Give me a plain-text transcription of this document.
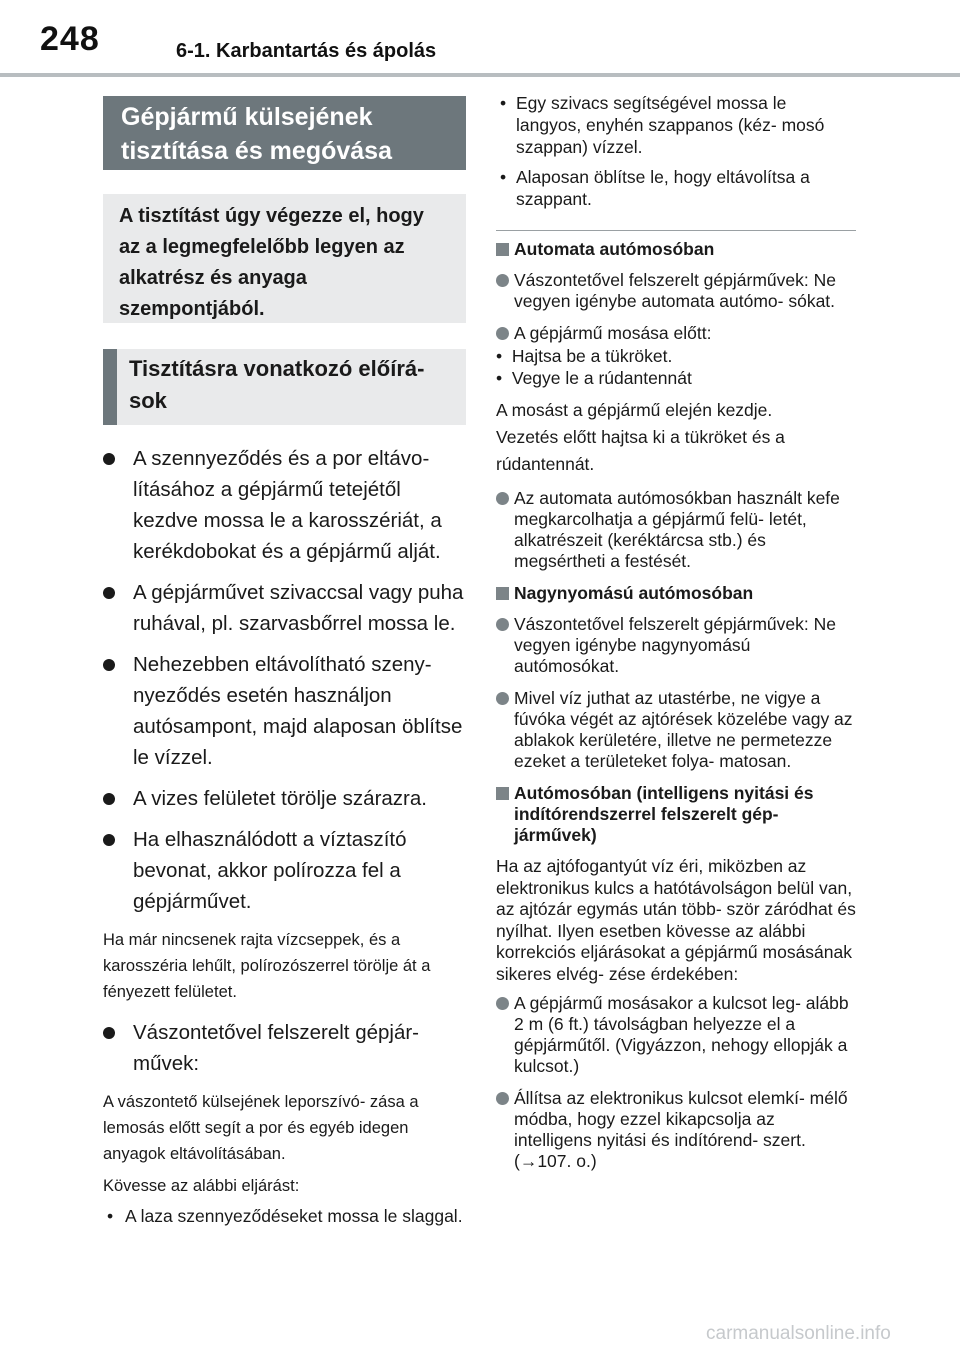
248	6-1. Karbantartás és ápolás
Gépjármű külsejének tisztítása és megóvása
A tisztítást úgy végezze el, hogy az a legmegfelelőbb legyen az alkatrész és anyaga szempontjából.
Tisztításra vonatkozó előírá- sok
A szennyeződés és a por eltávo- lításához a gépjármű tetejétől kezdve mossa le a karosszériát, a kerékdobokat és a gépjármű alját.
A gépjárművet szivaccsal vagy puha ruhával, pl. szarvasbőrrel mossa le.
Nehezebben eltávolítható szeny- nyeződés esetén használjon autósampont, majd alaposan öblítse le vízzel.
A vizes felületet törölje szárazra.
Ha elhasználódott a víztaszító bevonat, akkor polírozza fel a gépjárművet.
Ha már nincsenek rajta vízcseppek, és a karosszéria lehűlt, polírozószerrel törölje át a fényezett felületet.
Vászontetővel felszerelt gépjár- művek:
A vászontető külsejének leporszívó- zása a lemosás előtt segít a por és egyéb idegen anyagok eltávolításában.
Kövesse az alábbi eljárást:
• A laza szennyeződéseket mossa le slaggal.
• Egy szivacs segítségével mossa le langyos, enyhén szappanos (kéz- mosó szappan) vízzel.
• Alaposan öblítse le, hogy eltávolítsa a szappant.
Automata autómosóban
Vászontetővel felszerelt gépjárművek: Ne vegyen igénybe automata autómo- sókat.
A gépjármű mosása előtt:
•  Hajtsa be a tükröket.
•  Vegye le a rúdantennát
A mosást a gépjármű elején kezdje.
Vezetés előtt hajtsa ki a tükröket és a rúdantennát.
Az automata autómosókban használt kefe megkarcolhatja a gépjármű felü- letét, alkatrészeit (keréktárcsa stb.) és megsértheti a festését.
Nagynyomású autómosóban
Vászontetővel felszerelt gépjárművek: Ne vegyen igénybe nagynyomású autómosókat.
Mivel víz juthat az utastérbe, ne vigye a fúvóka végét az ajtórések közelébe vagy az ablakok kerületére, illetve ne permetezze ezeket a területeket folya- matosan.
Autómosóban (intelligens nyitási és indítórendszerrel felszerelt gép- járművek)
Ha az ajtófogantyút víz éri, miközben az elektronikus kulcs a hatótávolságon belül van, az ajtózár egymás után több- ször záródhat és nyílhat. Ilyen esetben kövesse az alábbi korrekciós eljárásokat a gépjármű mosásának sikeres elvég- zése érdekében:
A gépjármű mosásakor a kulcsot leg- alább 2 m (6 ft.) távolságban helyezze el a gépjárműtől. (Vigyázzon, nehogy ellopják a kulcsot.)
Állítsa az elektronikus kulcsot elemkí- mélő módba, hogy ezzel kikapcsolja az intelligens nyitási és indítórend- szert. (→107. o.)
carmanualsonline.info
